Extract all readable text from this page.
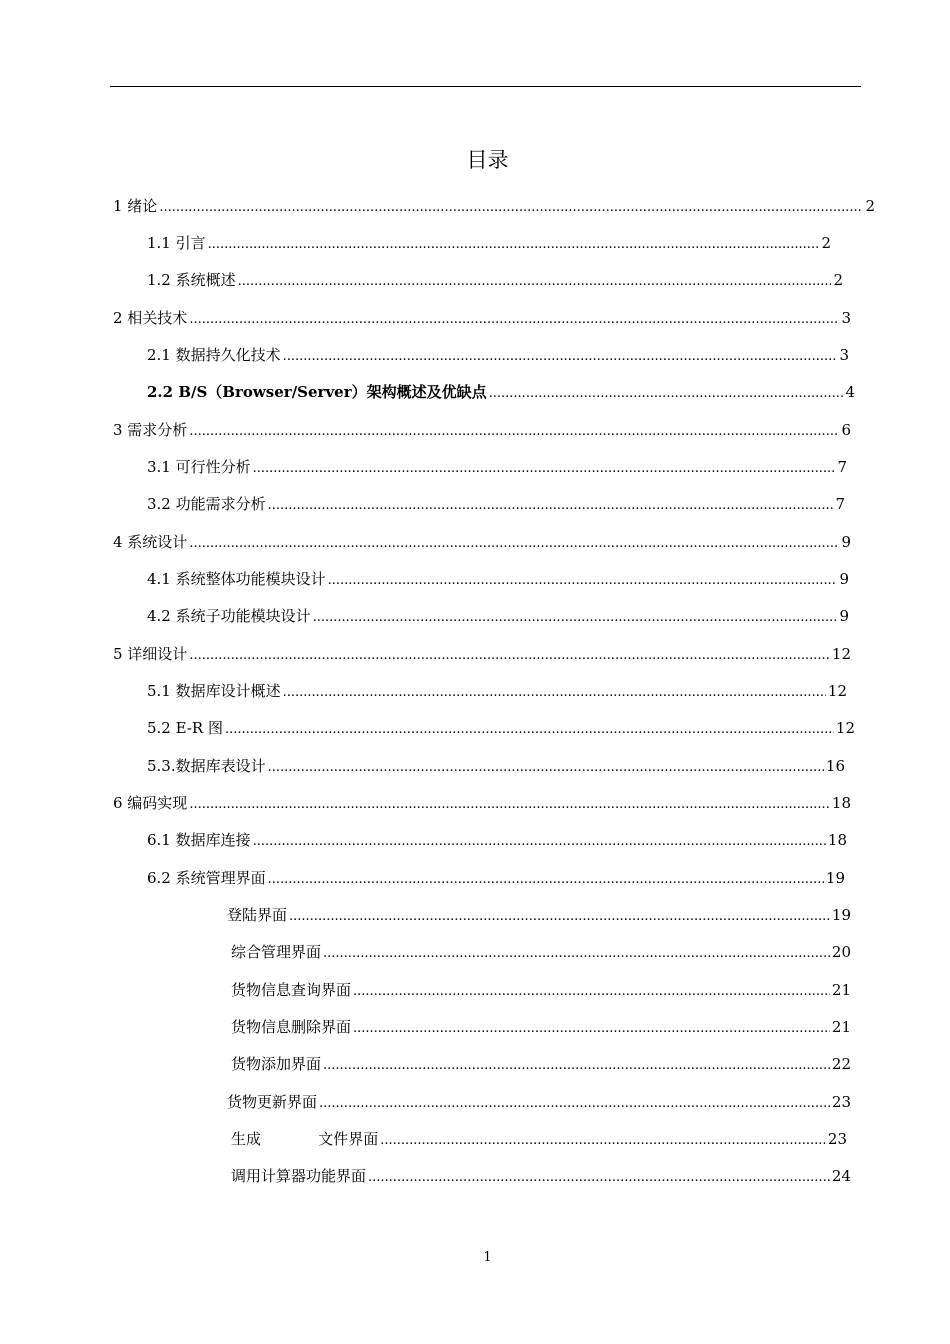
目录
1 绪论 .....	2
1.1 引言 .....	2
1.2 系统概述 .....	2
2 相关技术 .....	3
2.1 数据持久化技术 .....	3
2.2 B/S（Browser/Server）架构概述及优缺点 .....	4
3 需求分析 .....	6
3.1 可行性分析 .....	7
3.2 功能需求分析 .....	7
4 系统设计 .....	9
4.1 系统整体功能模块设计 .....	9
4.2 系统子功能模块设计 .....	9
5 详细设计 .....	12
5.1 数据库设计概述 .....	12
5.2 E-R 图 .....	12
5.3.数据库表设计 .....	16
6 编码实现 .....	18
6.1 数据库连接 .....	18
6.2 系统管理界面 .....	19
登陆界面 .....	19
综合管理界面 .....	20
货物信息查询界面 .....	21
货物信息删除界面 .....	21
货物添加界面 .....	22
货物更新界面 .....	23
生成            文件界面 .....	23
调用计算器功能界面 .....	24
1
